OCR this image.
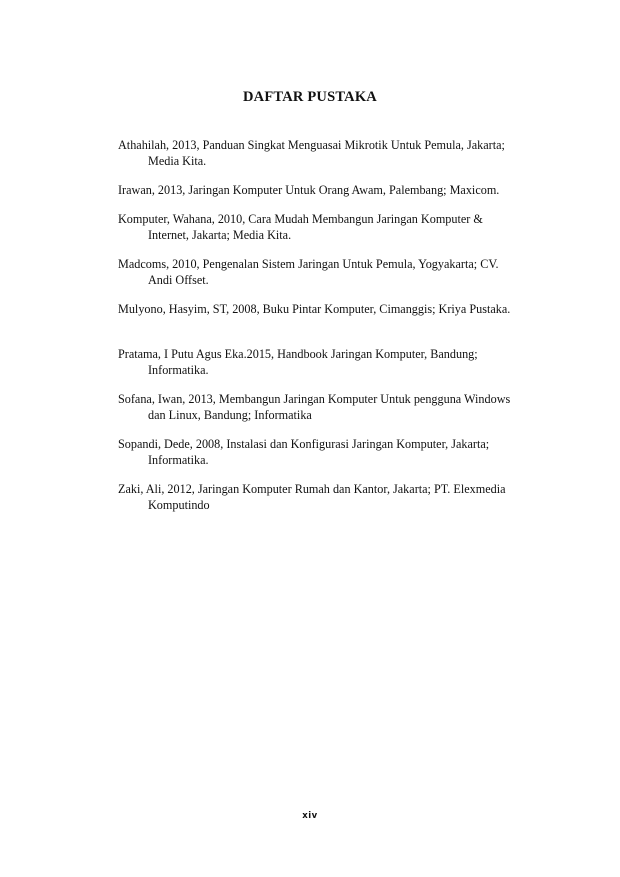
DAFTAR PUSTAKA

Athahilah, 2013, Panduan Singkat Menguasai Mikrotik Untuk Pemula, Jakarta;
Media Kita.

Irawan, 2013, Jaringan Komputer Untuk Orang Awam, Palembang; Maxicom.

Komputer, Wahana, 2010, Cara Mudah Membangun Jaringan Komputer &
Internet, Jakarta; Media Kita.

Madcoms, 2010, Pengenalan Sistem Jaringan Untuk Pemula, Yogyakarta; CV.
Andi Offset.

Mulyono, Hasyim, ST, 2008, Buku Pintar Komputer, Cimanggis; Kriya Pustaka.

Pratama, I Putu Agus Eka.2015, Handbook Jaringan Komputer, Bandung;
Informatika.

Sofana, Iwan, 2013, Membangun Jaringan Komputer Untuk pengguna Windows
dan Linux, Bandung; Informatika

Sopandi, Dede, 2008, Instalasi dan Konfigurasi Jaringan Komputer, Jakarta;
Informatika.

Zaki, Ali, 2012, Jaringan Komputer Rumah dan Kantor, Jakarta; PT. Elexmedia
Komputindo

xiv
